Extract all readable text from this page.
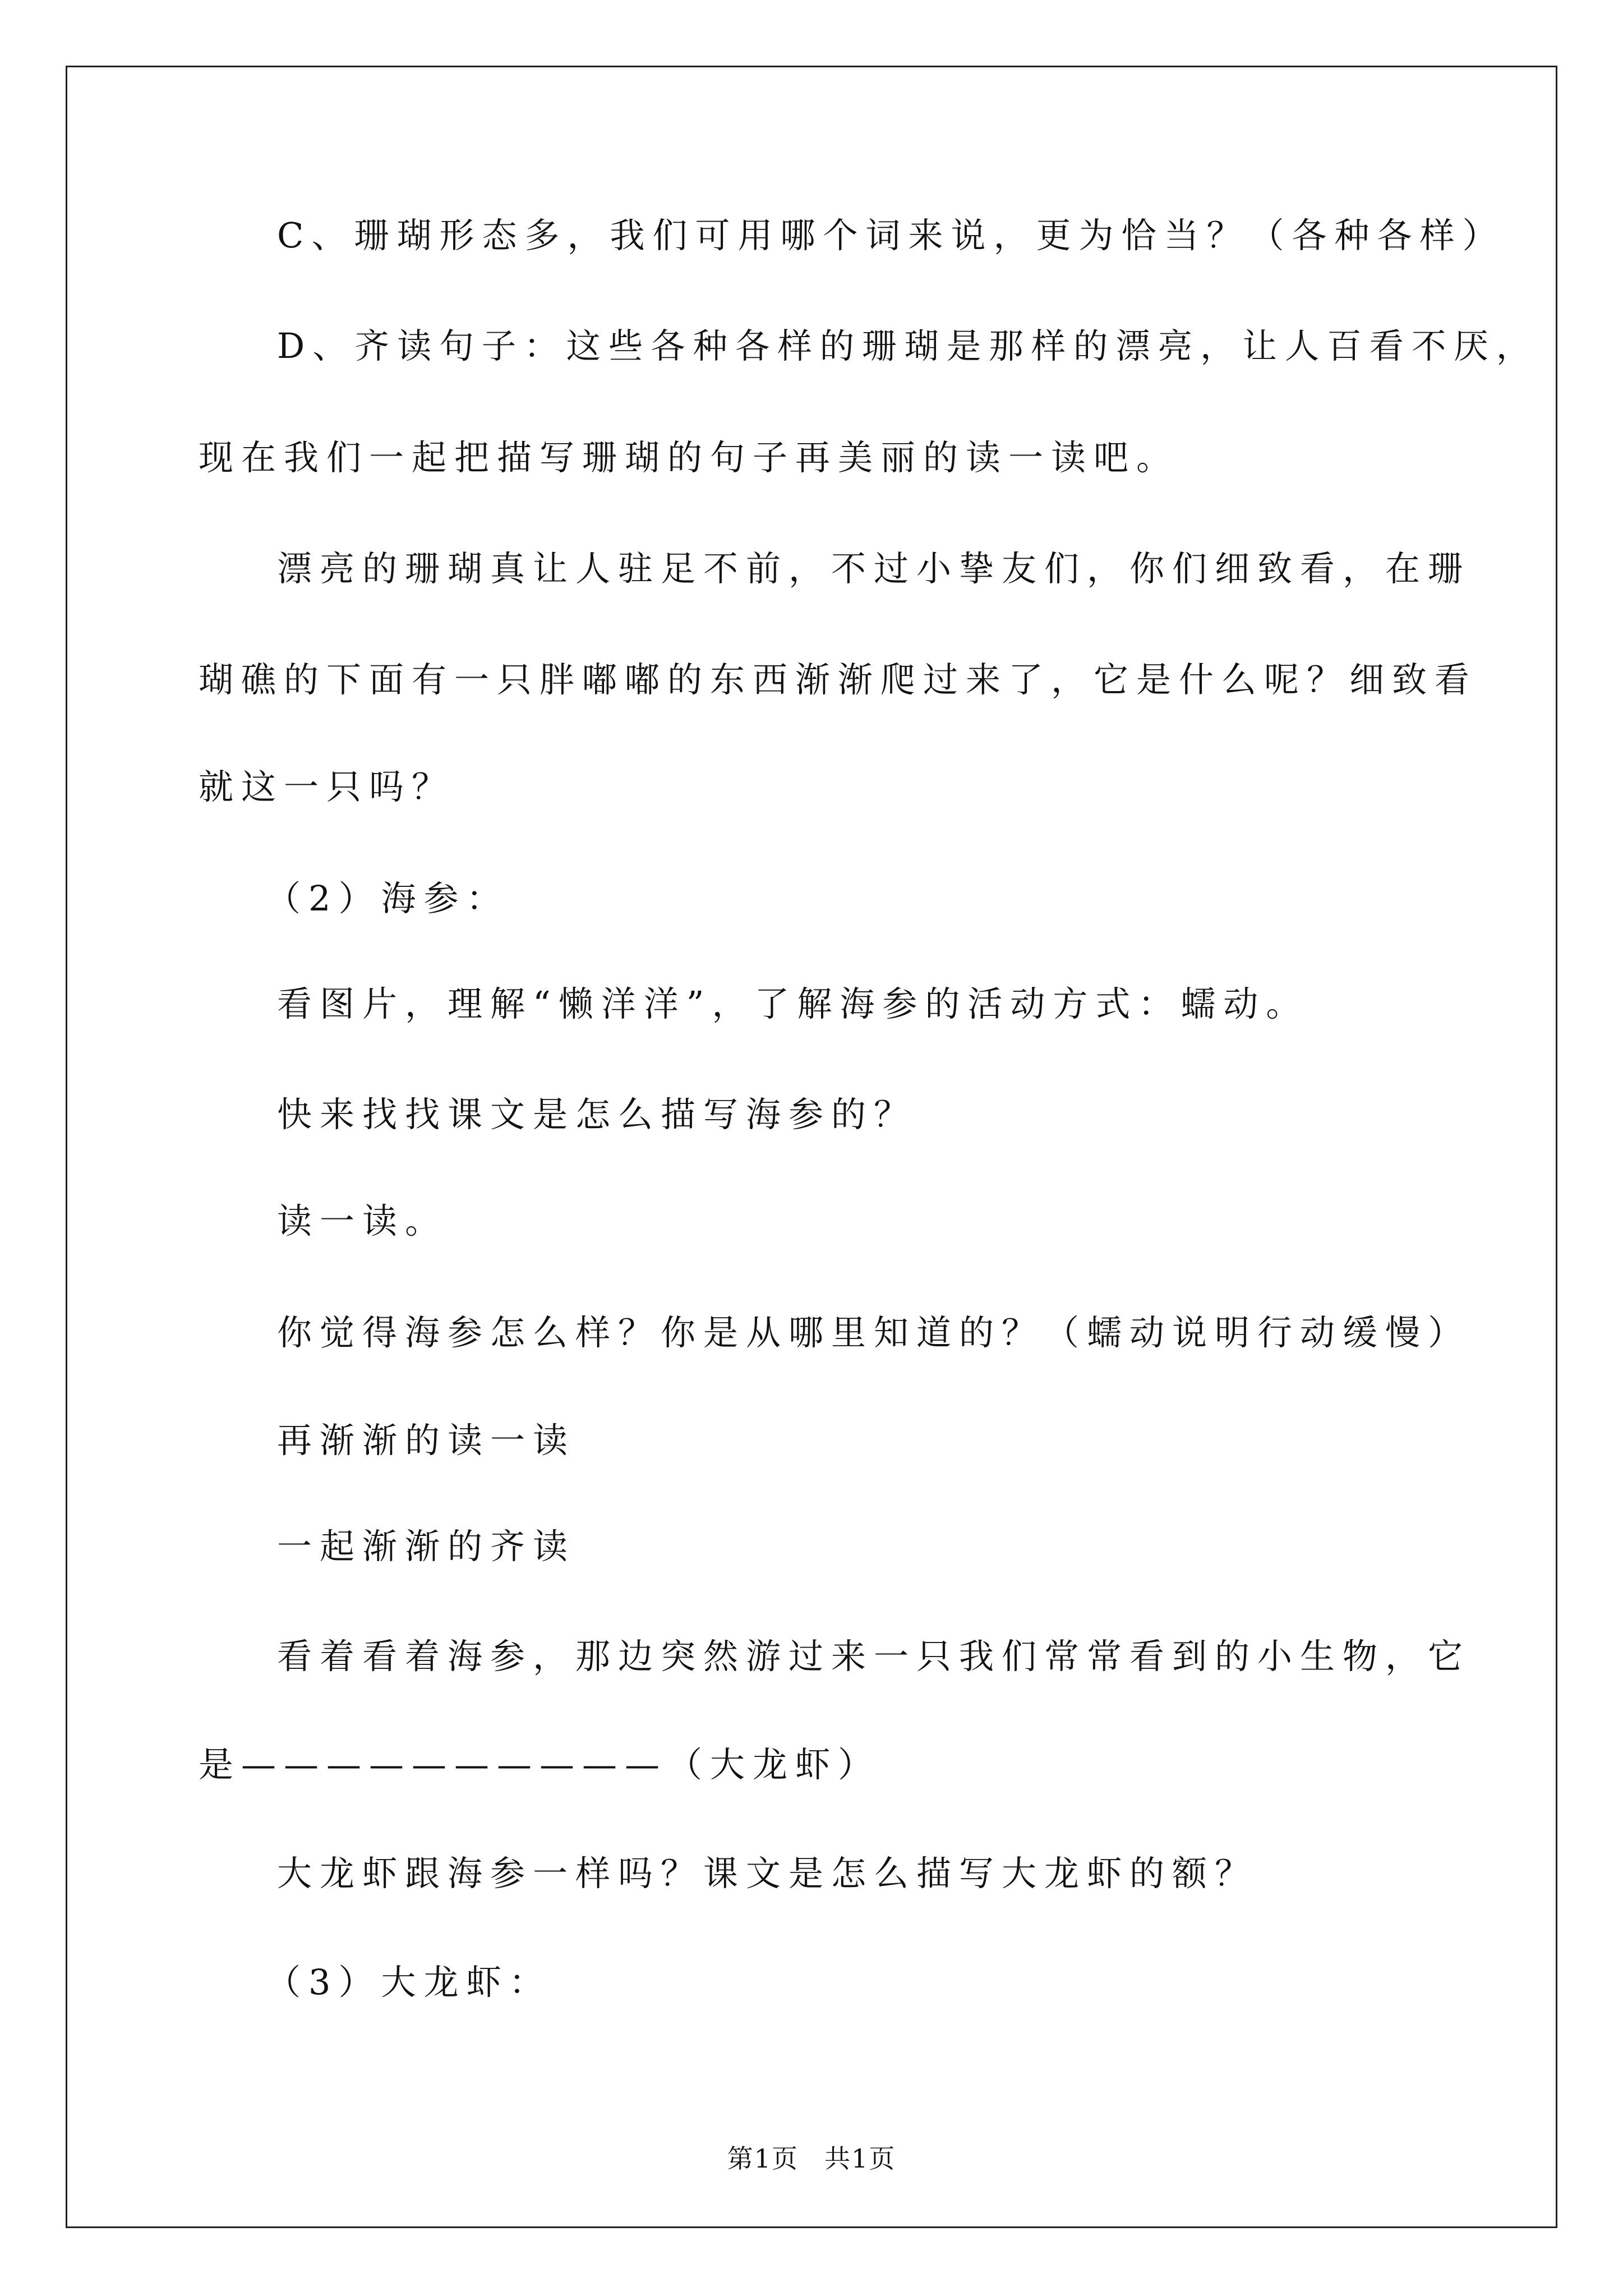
C、珊瑚形态多，我们可用哪个词来说，更为恰当？（各种各样）
D、齐读句子：这些各种各样的珊瑚是那样的漂亮，让人百看不厌，
现在我们一起把描写珊瑚的句子再美丽的读一读吧。
漂亮的珊瑚真让人驻足不前，不过小挚友们，你们细致看，在珊
瑚礁的下面有一只胖嘟嘟的东西渐渐爬过来了，它是什么呢？细致看
就这一只吗？
（2）海参：
看图片，理解“懒洋洋”，了解海参的活动方式：蠕动。
快来找找课文是怎么描写海参的？
读一读。
你觉得海参怎么样？你是从哪里知道的？（蠕动说明行动缓慢）
再渐渐的读一读
一起渐渐的齐读
看着看着海参，那边突然游过来一只我们常常看到的小生物，它
是——————————（大龙虾）
大龙虾跟海参一样吗？课文是怎么描写大龙虾的额？
（3）大龙虾：
第1页 共1页
